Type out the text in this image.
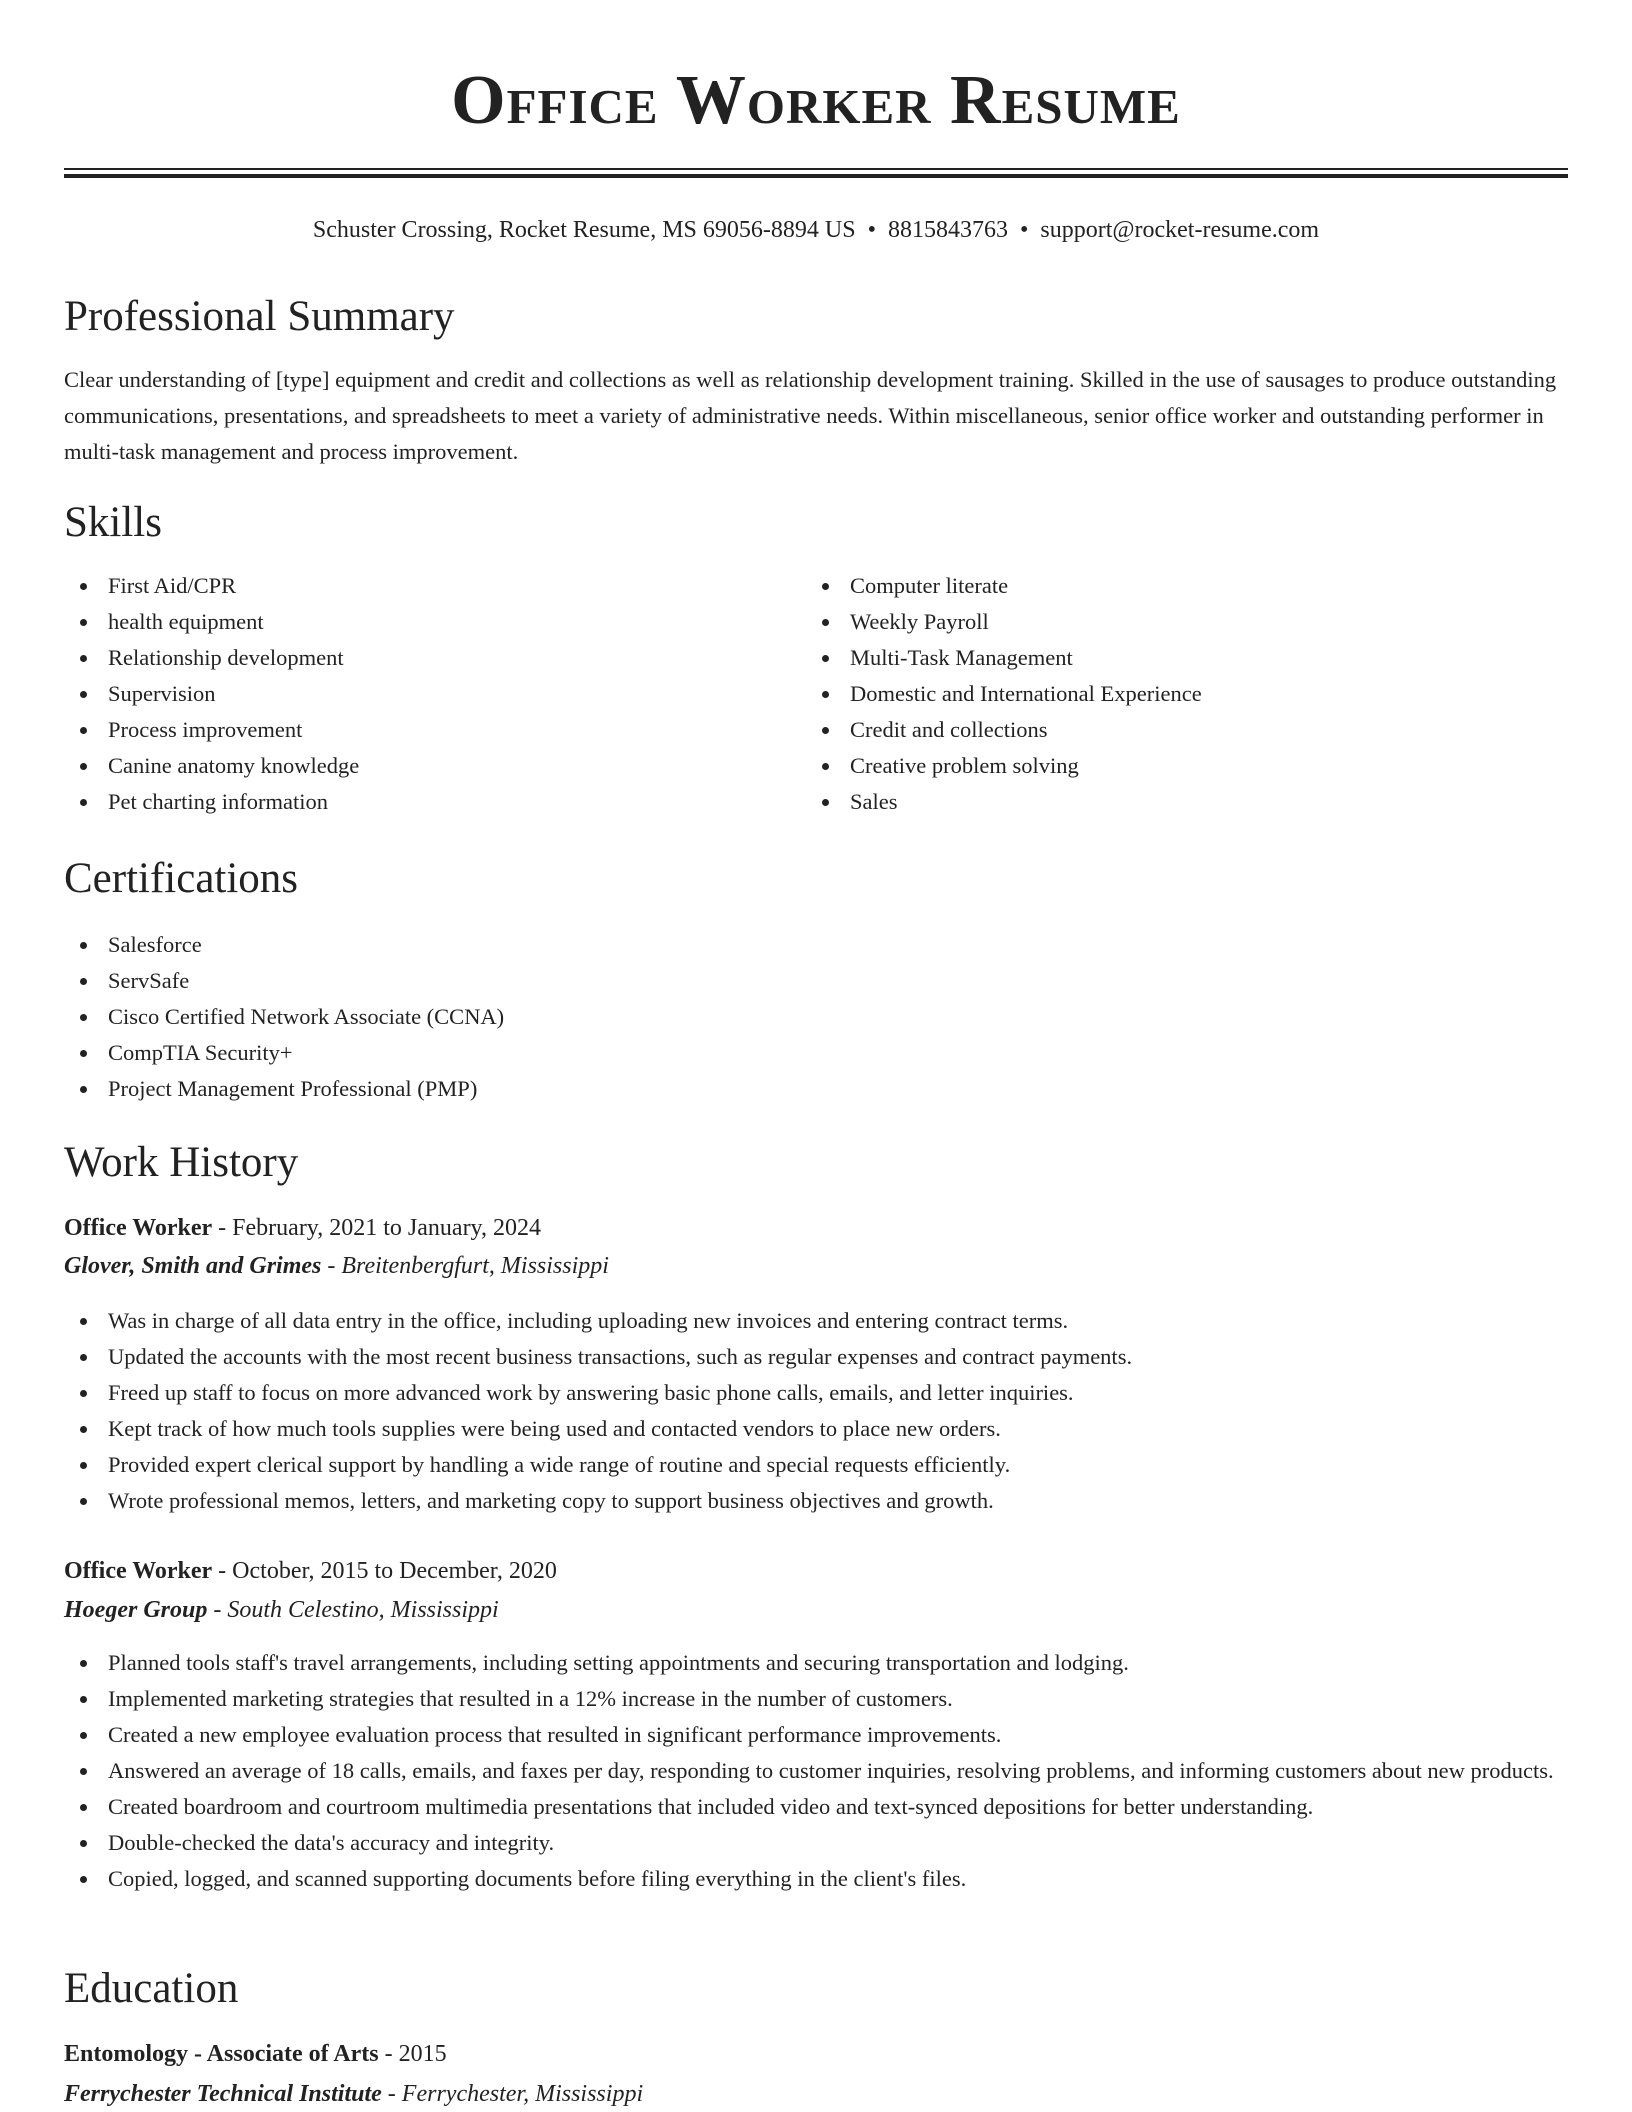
Office Worker Resume
Schuster Crossing, Rocket Resume, MS 69056-8894 US • 8815843763 • support@rocket-resume.com
Professional Summary

Clear understanding of [type] equipment and credit and collections as well as relationship development training. Skilled in the use of sausages to produce outstanding communications, presentations, and spreadsheets to meet a variety of administrative needs. Within miscellaneous, senior office worker and outstanding performer in multi-task management and process improvement.

Skills
First Aid/CPR
health equipment
Relationship development
Supervision
Process improvement
Canine anatomy knowledge
Pet charting information
Computer literate
Weekly Payroll
Multi-Task Management
Domestic and International Experience
Credit and collections
Creative problem solving
Sales
Certifications
Salesforce
ServSafe
Cisco Certified Network Associate (CCNA)
CompTIA Security+
Project Management Professional (PMP)
Work History
Office Worker - February, 2021 to January, 2024
Glover, Smith and Grimes - Breitenbergfurt, Mississippi
Was in charge of all data entry in the office, including uploading new invoices and entering contract terms.
Updated the accounts with the most recent business transactions, such as regular expenses and contract payments.
Freed up staff to focus on more advanced work by answering basic phone calls, emails, and letter inquiries.
Kept track of how much tools supplies were being used and contacted vendors to place new orders.
Provided expert clerical support by handling a wide range of routine and special requests efficiently.
Wrote professional memos, letters, and marketing copy to support business objectives and growth.
Office Worker - October, 2015 to December, 2020
Hoeger Group - South Celestino, Mississippi
Planned tools staff's travel arrangements, including setting appointments and securing transportation and lodging.
Implemented marketing strategies that resulted in a 12% increase in the number of customers.
Created a new employee evaluation process that resulted in significant performance improvements.
Answered an average of 18 calls, emails, and faxes per day, responding to customer inquiries, resolving problems, and informing customers about new products.
Created boardroom and courtroom multimedia presentations that included video and text-synced depositions for better understanding.
Double-checked the data's accuracy and integrity.
Copied, logged, and scanned supporting documents before filing everything in the client's files.
Education
Entomology - Associate of Arts - 2015
Ferrychester Technical Institute - Ferrychester, Mississippi
